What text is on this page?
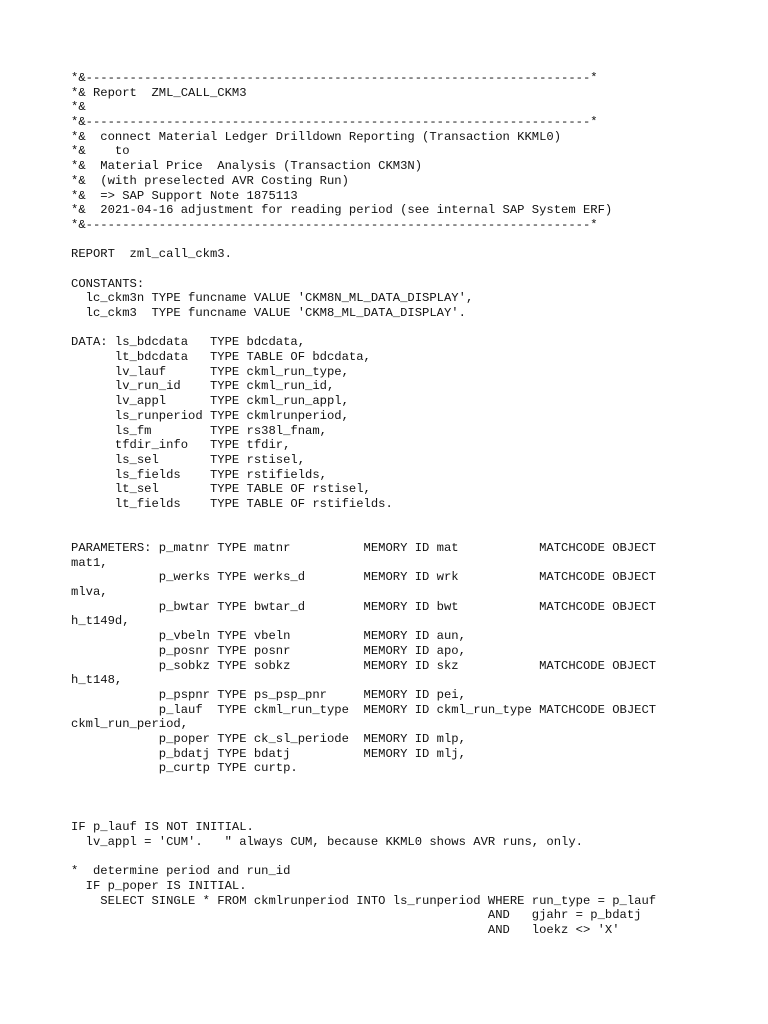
*&---------------------------------------------------------------------*
*& Report  ZML_CALL_CKM3
*&
*&---------------------------------------------------------------------*
*&  connect Material Ledger Drilldown Reporting (Transaction KKML0)
*&    to
*&  Material Price  Analysis (Transaction CKM3N)
*&  (with preselected AVR Costing Run)
*&  => SAP Support Note 1875113
*&  2021-04-16 adjustment for reading period (see internal SAP System ERF)
*&---------------------------------------------------------------------*
REPORT  zml_call_ckm3.
CONSTANTS:
lc_ckm3n TYPE funcname VALUE 'CKM8N_ML_DATA_DISPLAY',
lc_ckm3  TYPE funcname VALUE 'CKM8_ML_DATA_DISPLAY'.
DATA: ls_bdcdata   TYPE bdcdata,
lt_bdcdata   TYPE TABLE OF bdcdata,
lv_lauf      TYPE ckml_run_type,
lv_run_id    TYPE ckml_run_id,
lv_appl      TYPE ckml_run_appl,
ls_runperiod TYPE ckmlrunperiod,
ls_fm        TYPE rs38l_fnam,
tfdir_info   TYPE tfdir,
ls_sel       TYPE rstisel,
ls_fields    TYPE rstifields,
lt_sel       TYPE TABLE OF rstisel,
lt_fields    TYPE TABLE OF rstifields.
PARAMETERS: p_matnr TYPE matnr          MEMORY ID mat           MATCHCODE OBJECT
mat1,
p_werks TYPE werks_d        MEMORY ID wrk           MATCHCODE OBJECT
mlva,
p_bwtar TYPE bwtar_d        MEMORY ID bwt           MATCHCODE OBJECT
h_t149d,
p_vbeln TYPE vbeln          MEMORY ID aun,
p_posnr TYPE posnr          MEMORY ID apo,
p_sobkz TYPE sobkz          MEMORY ID skz           MATCHCODE OBJECT
h_t148,
p_pspnr TYPE ps_psp_pnr     MEMORY ID pei,
p_lauf  TYPE ckml_run_type  MEMORY ID ckml_run_type MATCHCODE OBJECT
ckml_run_period,
p_poper TYPE ck_sl_periode  MEMORY ID mlp,
p_bdatj TYPE bdatj          MEMORY ID mlj,
p_curtp TYPE curtp.
IF p_lauf IS NOT INITIAL.
lv_appl = 'CUM'.   " always CUM, because KKML0 shows AVR runs, only.
*  determine period and run_id
IF p_poper IS INITIAL.
SELECT SINGLE * FROM ckmlrunperiod INTO ls_runperiod WHERE run_type = p_lauf
AND   gjahr = p_bdatj
AND   loekz <> 'X'
